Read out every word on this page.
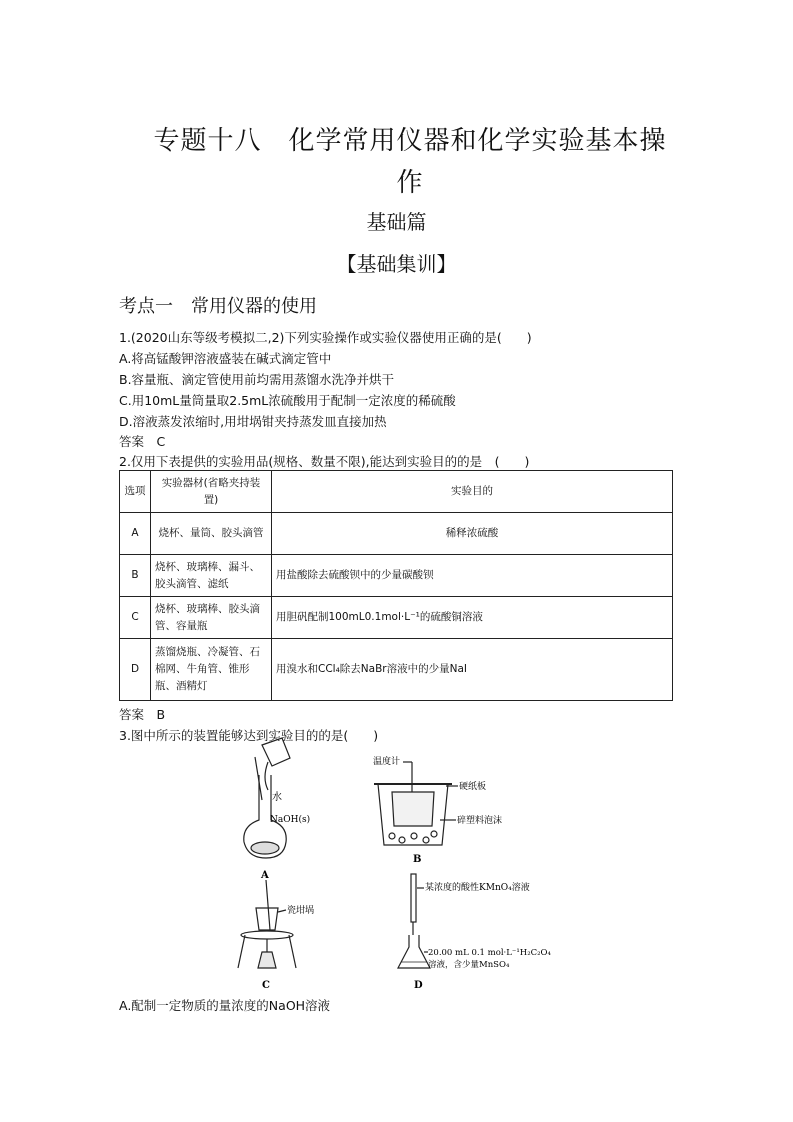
专题十八　化学常用仪器和化学实验基本操
作
基础篇
【基础集训】
考点一　常用仪器的使用
1.(2020山东等级考模拟二,2)下列实验操作或实验仪器使用正确的是(　　)
A.将高锰酸钾溶液盛装在碱式滴定管中
B.容量瓶、滴定管使用前均需用蒸馏水洗净并烘干
C.用10mL量筒量取2.5mL浓硫酸用于配制一定浓度的稀硫酸
D.溶液蒸发浓缩时,用坩埚钳夹持蒸发皿直接加热
答案　C
2.仅用下表提供的实验用品(规格、数量不限),能达到实验目的的是　(　　)
选项	实验器材(省略夹持装置)	实验目的
A	烧杯、量筒、胶头滴管	稀释浓硫酸
B	烧杯、玻璃棒、漏斗、胶头滴管、滤纸	用盐酸除去硫酸钡中的少量碳酸钡
C	烧杯、玻璃棒、胶头滴管、容量瓶	用胆矾配制100mL0.1mol·L⁻¹的硫酸铜溶液
D	蒸馏烧瓶、冷凝管、石棉网、牛角管、锥形瓶、酒精灯	用溴水和CCl₄除去NaBr溶液中的少量NaI
答案　B
3.图中所示的装置能够达到实验目的的是(　　)
水
NaOH(s)
A
温度计
硬纸板
碎塑料泡沫
B
瓷坩埚
C
某浓度的酸性KMnO₄溶液
20.00 mL 0.1 mol·L⁻¹H₂C₂O₄
溶液，含少量MnSO₄
D
A.配制一定物质的量浓度的NaOH溶液
